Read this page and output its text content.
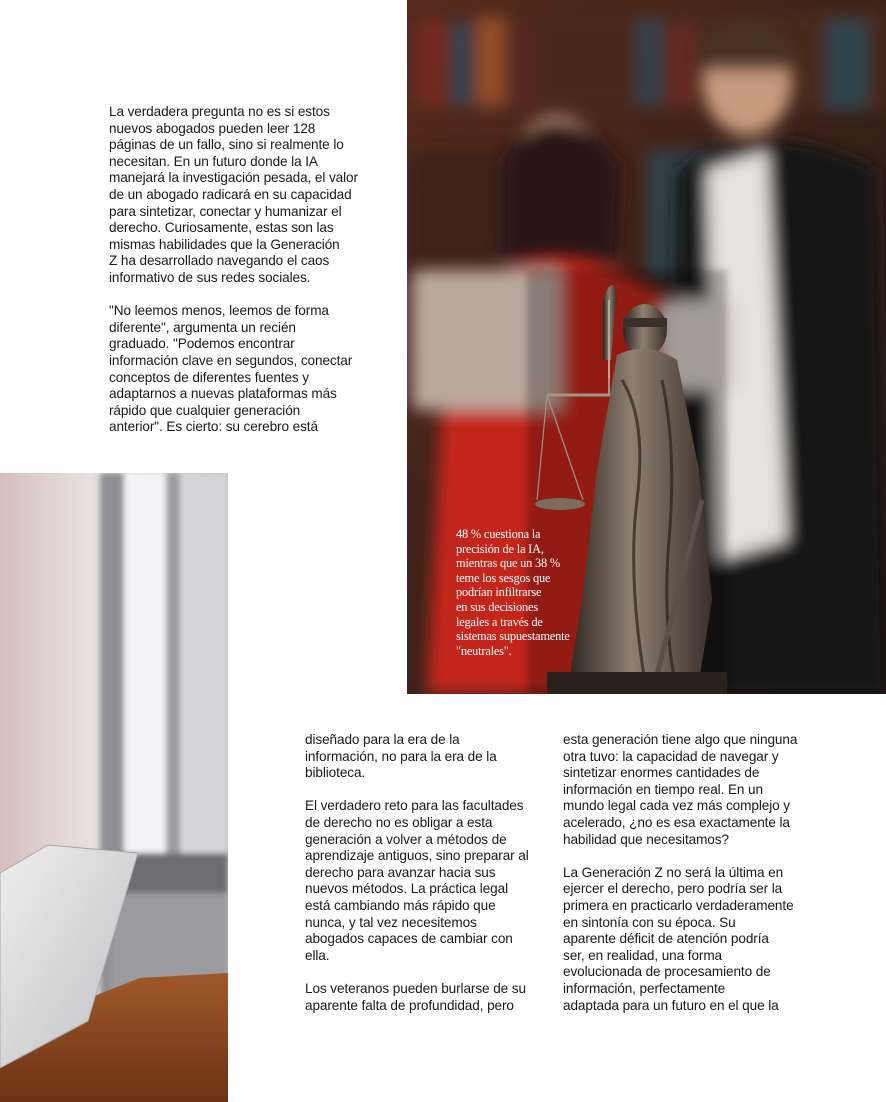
La verdadera pregunta no es si estos
nuevos abogados pueden leer 128
páginas de un fallo, sino si realmente lo
necesitan. En un futuro donde la IA
manejará la investigación pesada, el valor
de un abogado radicará en su capacidad
para sintetizar, conectar y humanizar el
derecho. Curiosamente, estas son las
mismas habilidades que la Generación
Z ha desarrollado navegando el caos
informativo de sus redes sociales.

"No leemos menos, leemos de forma
diferente", argumenta un recién
graduado. "Podemos encontrar
información clave en segundos, conectar
conceptos de diferentes fuentes y
adaptarnos a nuevas plataformas más
rápido que cualquier generación
anterior". Es cierto: su cerebro está

48 % cuestiona la
precisión de la IA,
mientras que un 38 %
teme los sesgos que
podrían infiltrarse
en sus decisiones
legales a través de
sistemas supuestamente
"neutrales".

diseñado para la era de la
información, no para la era de la
biblioteca.

El verdadero reto para las facultades
de derecho no es obligar a esta
generación a volver a métodos de
aprendizaje antiguos, sino preparar al
derecho para avanzar hacia sus
nuevos métodos. La práctica legal
está cambiando más rápido que
nunca, y tal vez necesitemos
abogados capaces de cambiar con
ella.

Los veteranos pueden burlarse de su
aparente falta de profundidad, pero

esta generación tiene algo que ninguna
otra tuvo: la capacidad de navegar y
sintetizar enormes cantidades de
información en tiempo real. En un
mundo legal cada vez más complejo y
acelerado, ¿no es esa exactamente la
habilidad que necesitamos?

La Generación Z no será la última en
ejercer el derecho, pero podría ser la
primera en practicarlo verdaderamente
en sintonía con su época. Su
aparente déficit de atención podría
ser, en realidad, una forma
evolucionada de procesamiento de
información, perfectamente
adaptada para un futuro en el que la
